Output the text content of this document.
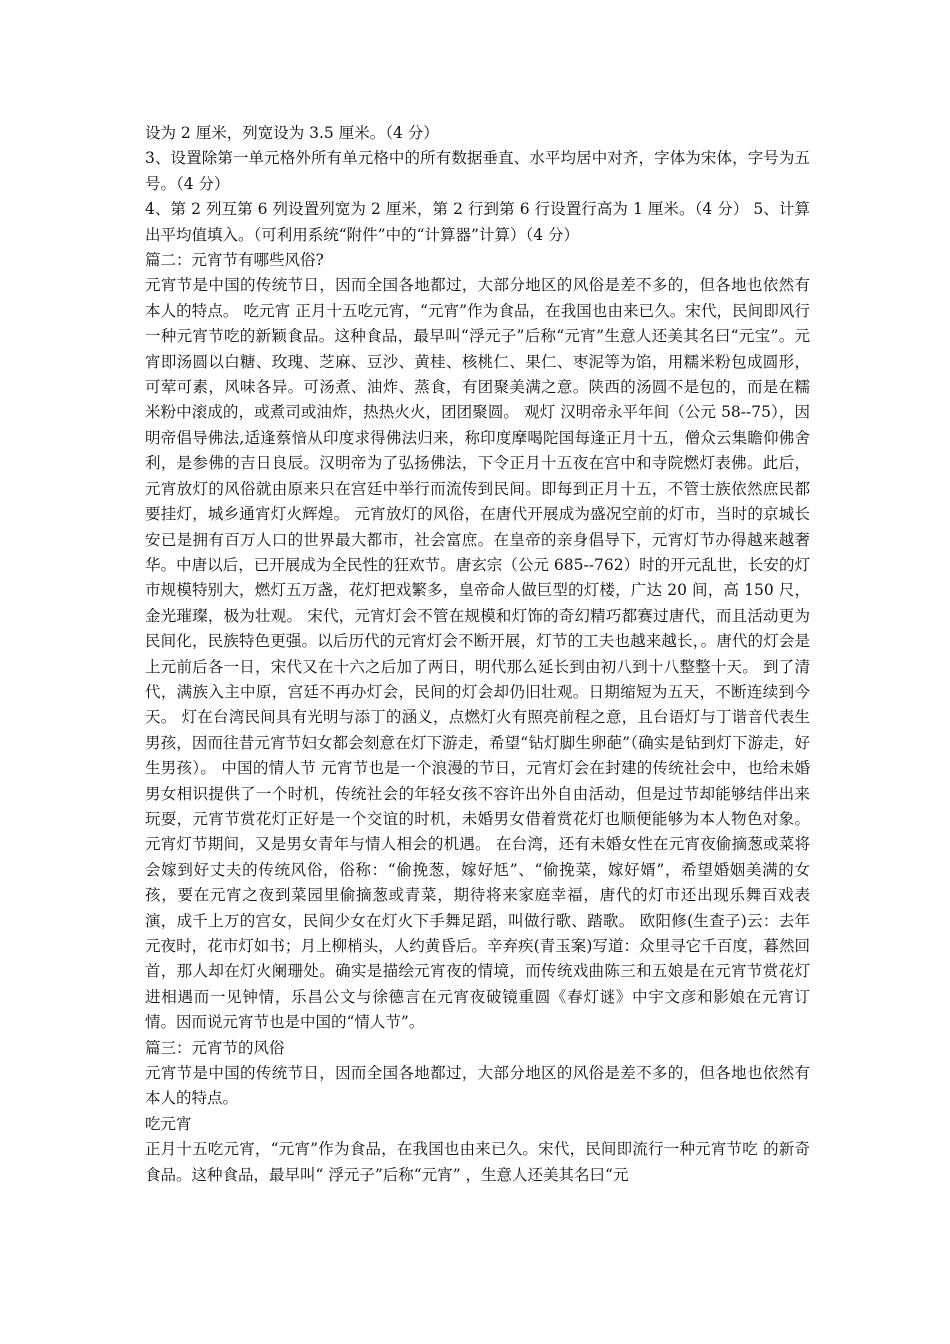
设为 2 厘米，列宽设为 3.5 厘米。（4 分）

3、设置除第一单元格外所有单元格中的所有数据垂直、水平均居中对齐，字体为宋体，字号为五号。（4 分）

4、第 2 列互第 6 列设置列宽为 2 厘米，第 2 行到第 6 行设置行高为 1 厘米。（4 分） 5、计算出平均值填入。（可利用系统“附件”中的“计算器”计算）（4 分）

篇二：元宵节有哪些风俗?

元宵节是中国的传统节日，因而全国各地都过，大部分地区的风俗是差不多的，但各地也依然有本人的特点。 吃元宵 正月十五吃元宵，“元宵”作为食品，在我国也由来已久。宋代，民间即风行一种元宵节吃的新颖食品。这种食品，最早叫“浮元子”后称“元宵”生意人还美其名曰“元宝”。元宵即汤圆以白糖、玫瑰、芝麻、豆沙、黄桂、核桃仁、果仁、枣泥等为馅，用糯米粉包成圆形，可荤可素，风味各异。可汤煮、油炸、蒸食，有团聚美满之意。陕西的汤圆不是包的，而是在糯米粉中滚成的，或煮司或油炸，热热火火，团团聚圆。 观灯 汉明帝永平年间（公元 58--75），因明帝倡导佛法,适逢蔡愔从印度求得佛法归来，称印度摩喝陀国每逢正月十五，僧众云集瞻仰佛舍利，是参佛的吉日良辰。汉明帝为了弘扬佛法，下令正月十五夜在宫中和寺院燃灯表佛。此后，元宵放灯的风俗就由原来只在宫廷中举行而流传到民间。即每到正月十五，不管士族依然庶民都要挂灯，城乡通宵灯火辉煌。 元宵放灯的风俗，在唐代开展成为盛况空前的灯市，当时的京城长安已是拥有百万人口的世界最大都市，社会富庶。在皇帝的亲身倡导下，元宵灯节办得越来越奢华。中唐以后，已开展成为全民性的狂欢节。唐玄宗（公元 685--762）时的开元乱世，长安的灯市规模特别大，燃灯五万盏，花灯把戏繁多，皇帝命人做巨型的灯楼，广达 20 间，高 150 尺，金光璀璨，极为壮观。 宋代，元宵灯会不管在规模和灯饰的奇幻精巧都赛过唐代，而且活动更为民间化，民族特色更强。以后历代的元宵灯会不断开展，灯节的工夫也越来越长，。唐代的灯会是上元前后各一日，宋代又在十六之后加了两日，明代那么延长到由初八到十八整整十天。 到了清代，满族入主中原，宫廷不再办灯会，民间的灯会却仍旧壮观。日期缩短为五天，不断连续到今天。 灯在台湾民间具有光明与添丁的涵义，点燃灯火有照亮前程之意，且台语灯与丁谐音代表生男孩，因而往昔元宵节妇女都会刻意在灯下游走，希望“钻灯脚生卵葩”（确实是钻到灯下游走，好生男孩）。 中国的情人节 元宵节也是一个浪漫的节日，元宵灯会在封建的传统社会中，也给未婚男女相识提供了一个时机，传统社会的年轻女孩不容许出外自由活动，但是过节却能够结伴出来玩耍，元宵节赏花灯正好是一个交谊的时机，未婚男女借着赏花灯也顺便能够为本人物色对象。元宵灯节期间，又是男女青年与情人相会的机遇。 在台湾，还有未婚女性在元宵夜偷摘葱或菜将会嫁到好丈夫的传统风俗，俗称：“偷挽葱，嫁好尪”、“偷挽菜，嫁好婿”，希望婚姻美满的女孩，要在元宵之夜到菜园里偷摘葱或青菜，期待将来家庭幸福，唐代的灯市还出现乐舞百戏表演，成千上万的宫女，民间少女在灯火下手舞足蹈，叫做行歌、踏歌。 欧阳修(生查子)云：去年元夜时，花市灯如书；月上柳梢头，人约黄昏后。辛弃疾(青玉案)写道：众里寻它千百度，暮然回首，那人却在灯火阑珊处。确实是描绘元宵夜的情境，而传统戏曲陈三和五娘是在元宵节赏花灯进相遇而一见钟情，乐昌公文与徐德言在元宵夜破镜重圆《春灯谜》中宇文彦和影娘在元宵订情。因而说元宵节也是中国的“情人节”。

篇三：元宵节的风俗

元宵节是中国的传统节日，因而全国各地都过，大部分地区的风俗是差不多的，但各地也依然有本人的特点。

吃元宵

正月十五吃元宵，“元宵”作为食品，在我国也由来已久。宋代，民间即流行一种元宵节吃 的新奇食品。这种食品，最早叫“ 浮元子”后称“元宵” ，生意人还美其名曰“元
